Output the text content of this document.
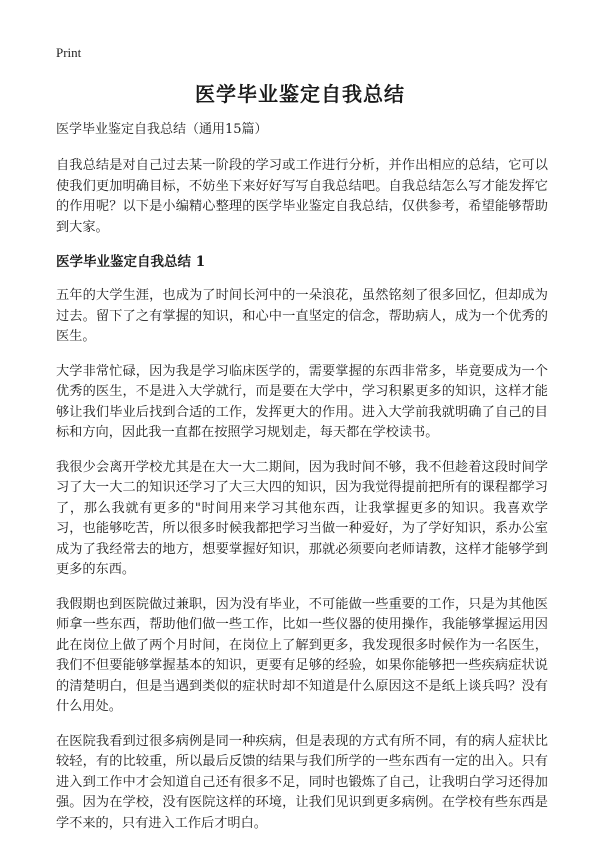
Print
医学毕业鉴定自我总结

医学毕业鉴定自我总结（通用15篇）

自我总结是对自己过去某一阶段的学习或工作进行分析，并作出相应的总结，它可以使我们更加明确目标，不妨坐下来好好写写自我总结吧。自我总结怎么写才能发挥它的作用呢？以下是小编精心整理的医学毕业鉴定自我总结，仅供参考，希望能够帮助到大家。

医学毕业鉴定自我总结 1

五年的大学生涯，也成为了时间长河中的一朵浪花，虽然铭刻了很多回忆，但却成为过去。留下了之有掌握的知识，和心中一直坚定的信念，帮助病人，成为一个优秀的医生。

大学非常忙碌，因为我是学习临床医学的，需要掌握的东西非常多，毕竟要成为一个优秀的医生，不是进入大学就行，而是要在大学中，学习积累更多的知识，这样才能够让我们毕业后找到合适的工作，发挥更大的作用。进入大学前我就明确了自己的目标和方向，因此我一直都在按照学习规划走，每天都在学校读书。

我很少会离开学校尤其是在大一大二期间，因为我时间不够，我不但趁着这段时间学习了大一大二的知识还学习了大三大四的知识，因为我觉得提前把所有的课程都学习了，那么我就有更多的"时间用来学习其他东西，让我掌握更多的知识。我喜欢学习，也能够吃苦，所以很多时候我都把学习当做一种爱好，为了学好知识，系办公室成为了我经常去的地方，想要掌握好知识，那就必须要向老师请教，这样才能够学到更多的东西。

我假期也到医院做过兼职，因为没有毕业，不可能做一些重要的工作，只是为其他医师拿一些东西，帮助他们做一些工作，比如一些仪器的使用操作，我能够掌握运用因此在岗位上做了两个月时间，在岗位上了解到更多，我发现很多时候作为一名医生，我们不但要能够掌握基本的知识，更要有足够的经验，如果你能够把一些疾病症状说的清楚明白，但是当遇到类似的症状时却不知道是什么原因这不是纸上谈兵吗？没有什么用处。

在医院我看到过很多病例是同一种疾病，但是表现的方式有所不同，有的病人症状比较轻，有的比较重，所以最后反馈的结果与我们所学的一些东西有一定的出入。只有进入到工作中才会知道自己还有很多不足，同时也锻炼了自己，让我明白学习还得加强。因为在学校，没有医院这样的环境，让我们见识到更多病例。在学校有些东西是学不来的，只有进入工作后才明白。
